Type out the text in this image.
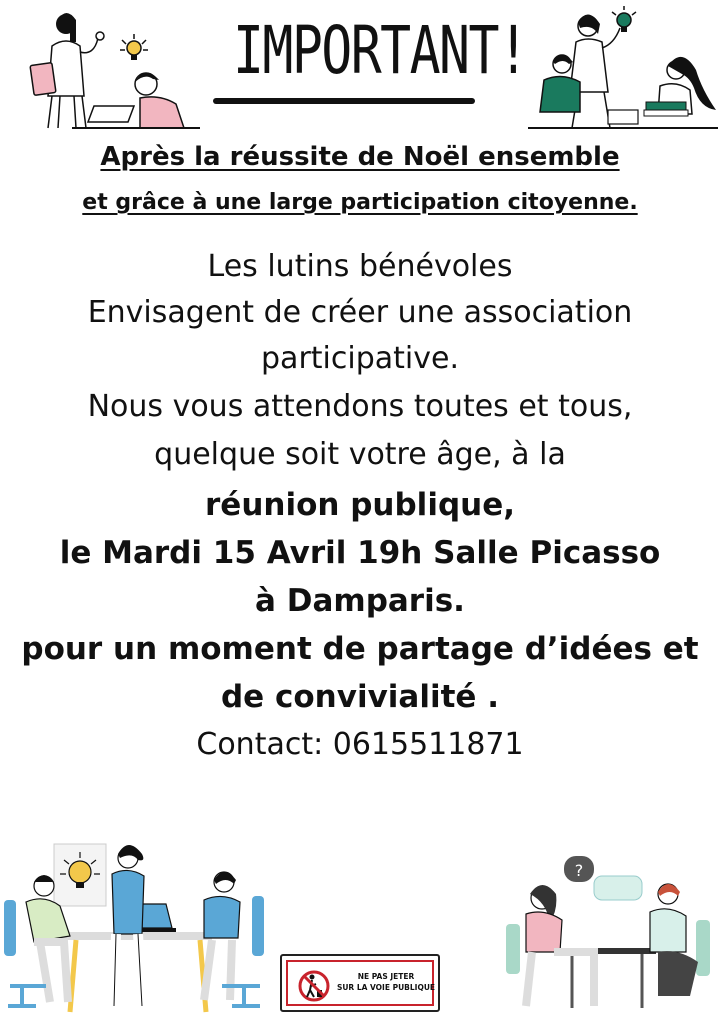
IMPORTANT!
Après la réussite de Noël ensemble
et grâce à une large participation citoyenne.
Les lutins bénévoles
Envisagent de créer une association
participative.
Nous vous attendons toutes et tous,
quelque soit votre âge, à la
réunion publique,
le Mardi 15 Avril 19h Salle Picasso
à Damparis.
pour un moment de partage d’idées et
de convivialité .
Contact: 0615511871
NE PAS JETER
SUR LA VOIE PUBLIQUE
?
